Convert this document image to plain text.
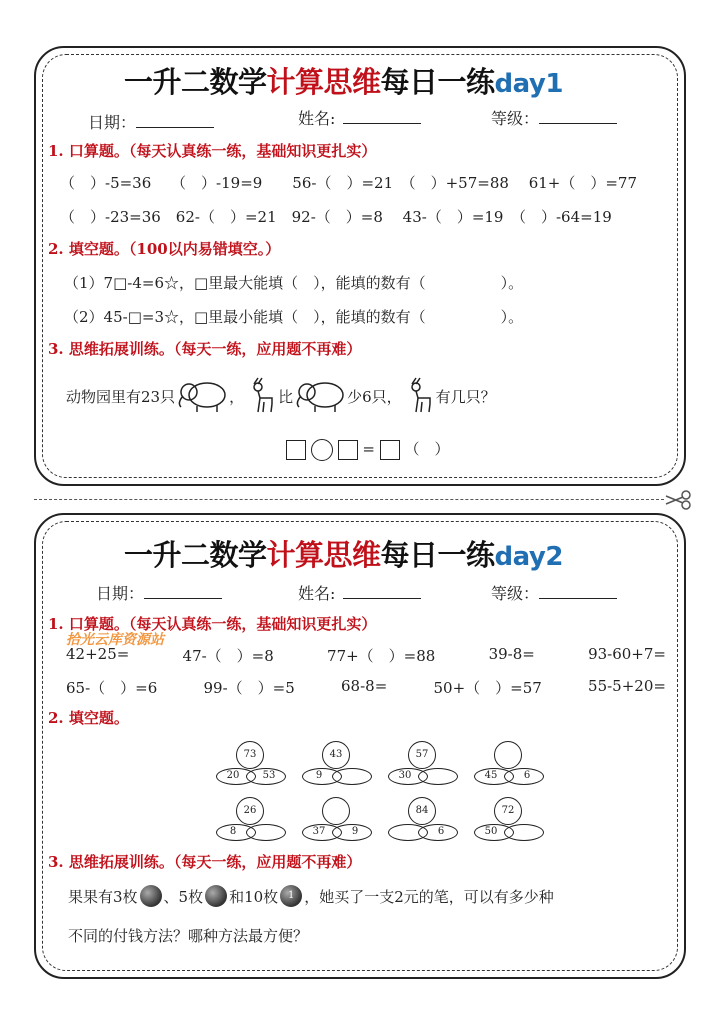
一升二数学计算思维每日一练day1
日期：	姓名:	等级：
1. 口算题。（每天认真练一练，基础知识更扎实）
（　）-5=36　 （　）-19=9　　56-（　）=21　（　）+57=88　 61+（　）=77
（　）-23=36　62-（　）=21　92-（　）=8　 43-（　）=19　（　）-64=19
2. 填空题。（100以内易错填空。）
（1）7□-4=6☆，□里最大能填（　），能填的数有（　　　　　）。
（2）45-□=3☆，□里最小能填（　），能填的数有（　　　　　）。
3. 思维拓展训练。（每天一练，应用题不再难）
动物园里有23只	， 比	少6只， 有几只？
= （　）
一升二数学计算思维每日一练day2
日期：	姓名:	等级：
1. 口算题。（每天认真练一练，基础知识更扎实）
拾光云库资源站
42+25=	47-（　）=8	77+（　）=88	39-8=	93-60+7=
65-（　）=6	99-（　）=5	68-8=	50+（　）=57	55-5+20=
2. 填空题。
73
20	53
43
9
57
30	45	6
26
8	37	9
84
6
72
50
3. 思维拓展训练。（每天一练，应用题不再难）
果果有3枚 、5枚 和10枚 1 ，她买了一支2元的笔，可以有多少种
不同的付钱方法？哪种方法最方便？
